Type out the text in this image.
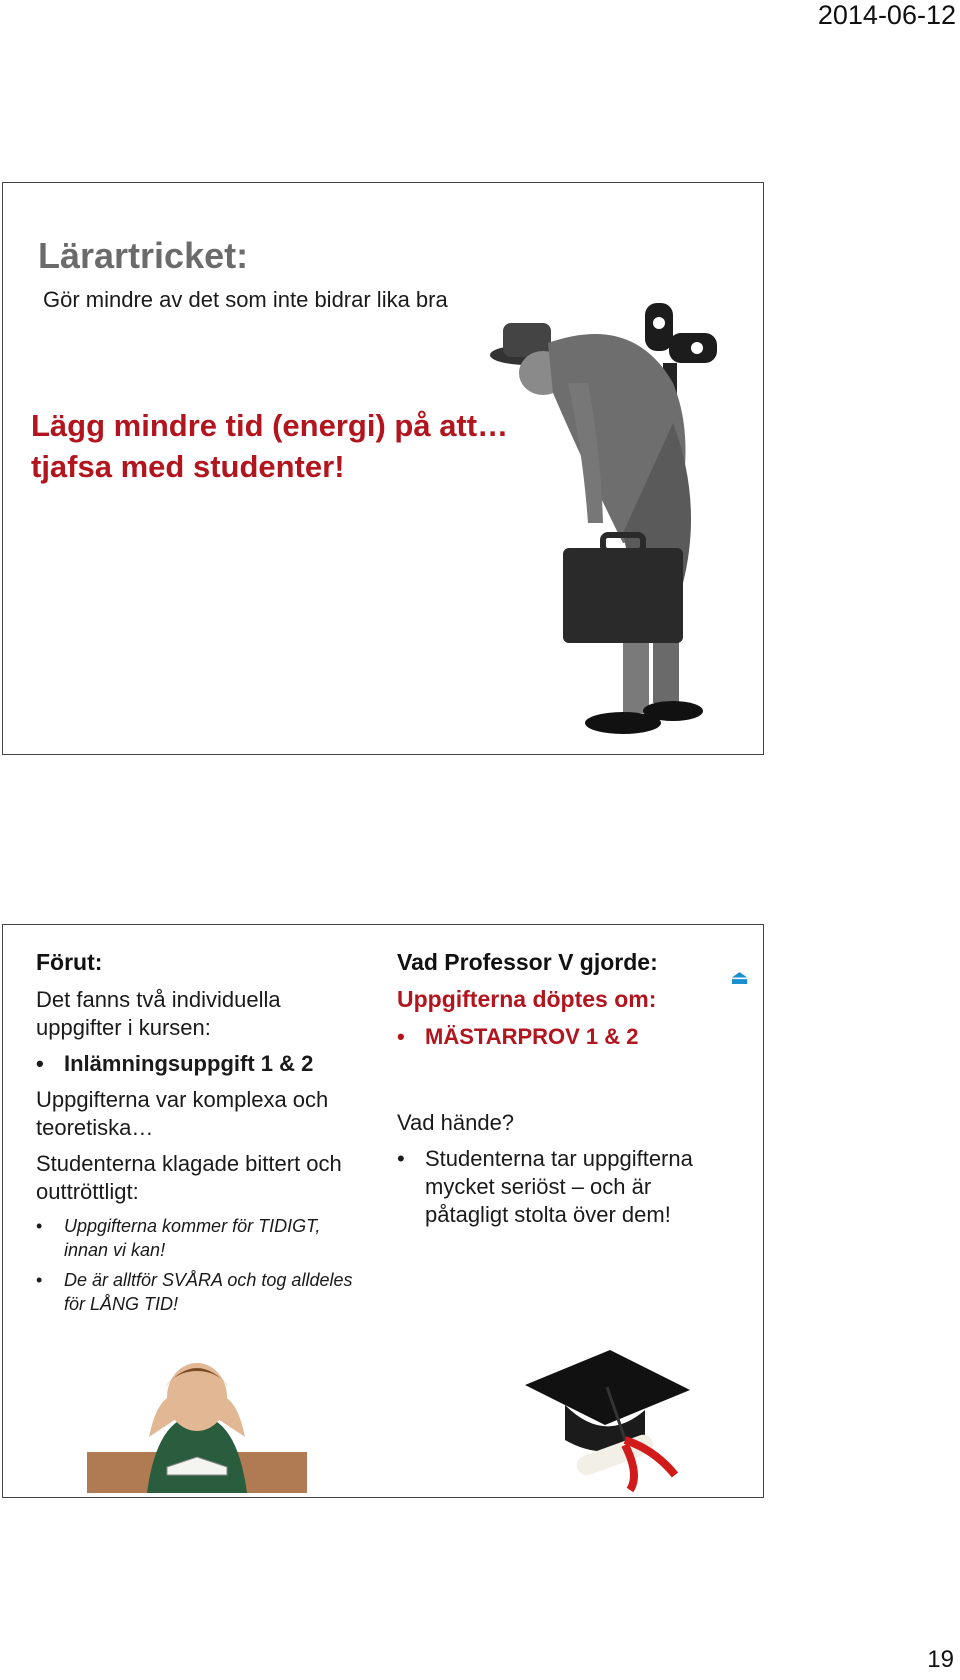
2014-06-12
Lärartricket:
Gör mindre av det som inte bidrar lika bra
Lägg mindre tid (energi) på att…
tjafsa med studenter!
Förut:
Det fanns två individuella uppgifter i kursen:
• Inlämningsuppgift 1 & 2
Uppgifterna var komplexa och teoretiska…
Studenterna klagade bittert och outtröttligt:
• Uppgifterna kommer för TIDIGT, innan vi kan!
• De är alltför SVÅRA och tog alldeles för LÅNG TID!
Vad Professor V gjorde:
Uppgifterna döptes om:
• MÄSTARPROV 1 & 2
Vad hände?
• Studenterna tar uppgifterna mycket seriöst – och är påtagligt stolta över dem!
⏏
19
